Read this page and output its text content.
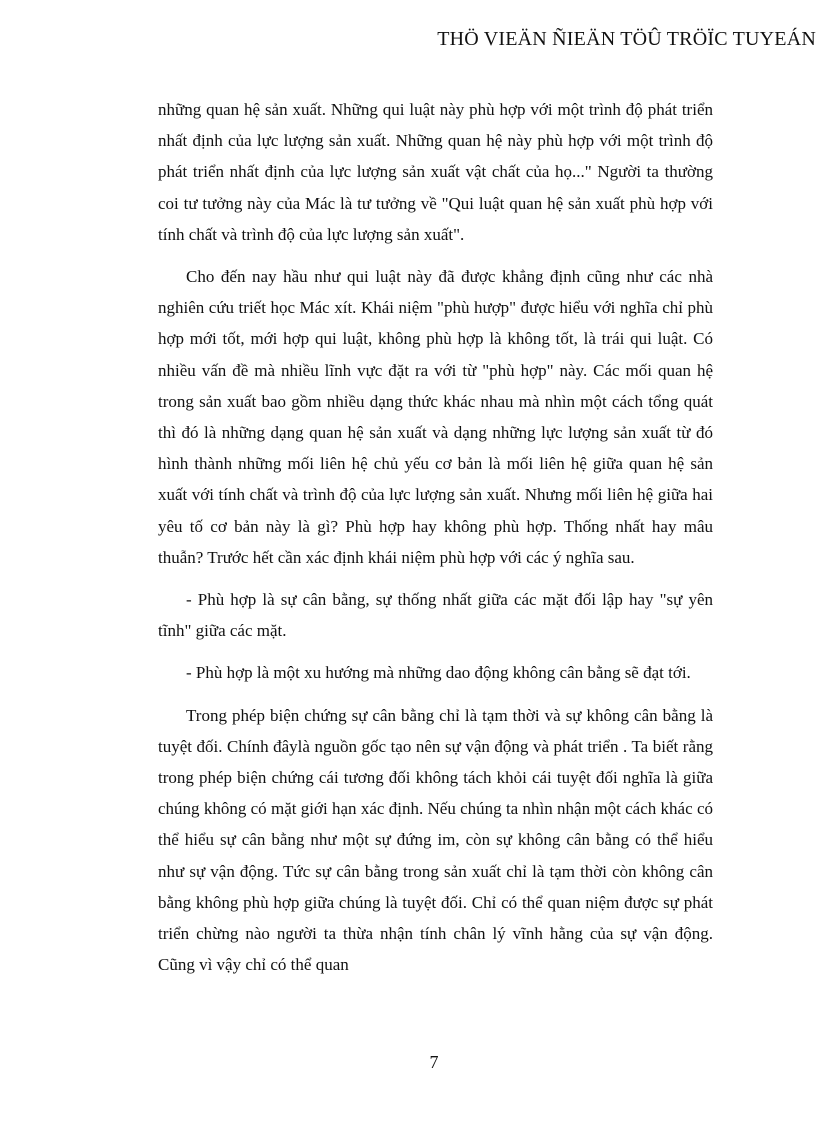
THÖ VIEÄN ÑIEÄN TÖÛ TRÖÏC TUYEÁN

những quan hệ sản xuất. Những qui luật này phù hợp với một trình độ phát triển nhất định của lực lượng sản xuất. Những quan hệ này phù hợp với một trình độ phát triển nhất định của lực lượng sản xuất vật chất của họ..." Người ta thường coi tư tưởng này của Mác là tư tưởng về "Qui luật quan hệ sản xuất phù hợp với tính chất và trình độ của lực lượng sản xuất".

Cho đến nay hầu như qui luật này đã được khẳng định cũng như các nhà nghiên cứu triết học Mác xít. Khái niệm "phù hượp" được hiểu với nghĩa chỉ phù hợp mới tốt, mới hợp qui luật, không phù hợp là không tốt, là trái qui luật. Có nhiều vấn đề mà nhiều lĩnh vực đặt ra với từ "phù hợp" này. Các mối quan hệ trong sản xuất bao gồm nhiều dạng thức khác nhau mà nhìn một cách tổng quát thì đó là những dạng quan hệ sản xuất và dạng những lực lượng sản xuất từ đó hình thành những mối liên hệ chủ yếu cơ bản là mối liên hệ giữa quan hệ sản xuất với tính chất và trình độ của lực lượng sản xuất. Nhưng mối liên hệ giữa hai yêu tố cơ bản này là gì? Phù hợp hay không phù hợp. Thống nhất hay mâu thuẫn? Trước hết cần xác định khái niệm phù hợp với các ý nghĩa sau.

- Phù hợp là sự cân bằng, sự thống nhất giữa các mặt đối lập hay "sự yên tĩnh" giữa các mặt.

- Phù hợp là một xu hướng mà những dao động không cân bằng sẽ đạt tới.

Trong phép biện chứng sự cân bằng chỉ là tạm thời và sự không cân bằng là tuyệt đối. Chính đâylà nguồn gốc tạo nên sự vận động và phát triển . Ta biết rằng trong phép biện chứng cái tương đối không tách khỏi cái tuyệt đối nghĩa là giữa chúng không có mặt giới hạn xác định. Nếu chúng ta nhìn nhận một cách khác có thể hiểu sự cân bằng như một sự đứng im, còn sự không cân bằng có thể hiểu như sự vận động. Tức sự cân bằng trong sản xuất chỉ là tạm thời còn không cân bằng không phù hợp giữa chúng là tuyệt đối. Chỉ có thể quan niệm được sự phát triển chừng nào người ta thừa nhận tính chân lý vĩnh hằng của sự vận động. Cũng vì vậy chỉ có thể quan

7
